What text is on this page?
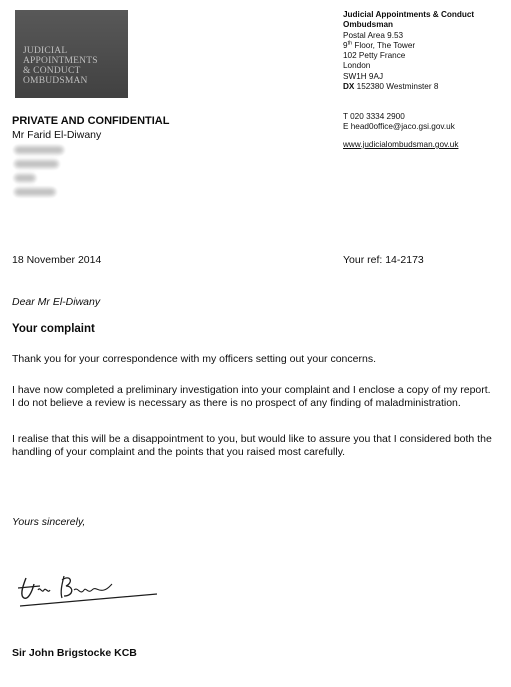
JUDICIAL
APPOINTMENTS
& CONDUCT
OMBUDSMAN
Judicial Appointments & Conduct
Ombudsman
Postal Area 9.53
9th Floor, The Tower
102 Petty France
London
SW1H 9AJ
DX 152380 Westminster 8
T 020 3334 2900
E head0office@jaco.gsi.gov.uk
www.judicialombudsman.gov.uk
PRIVATE AND CONFIDENTIAL
Mr Farid El-Diwany
18 November 2014	Your ref: 14-2173
Dear Mr El-Diwany
Your complaint
Thank you for your correspondence with my officers setting out your concerns.
I have now completed a preliminary investigation into your complaint and I enclose a copy of my report. I do not believe a review is necessary as there is no prospect of any finding of maladministration.
I realise that this will be a disappointment to you, but would like to assure you that I considered both the handling of your complaint and the points that you raised most carefully.
Yours sincerely,
Sir John Brigstocke KCB
